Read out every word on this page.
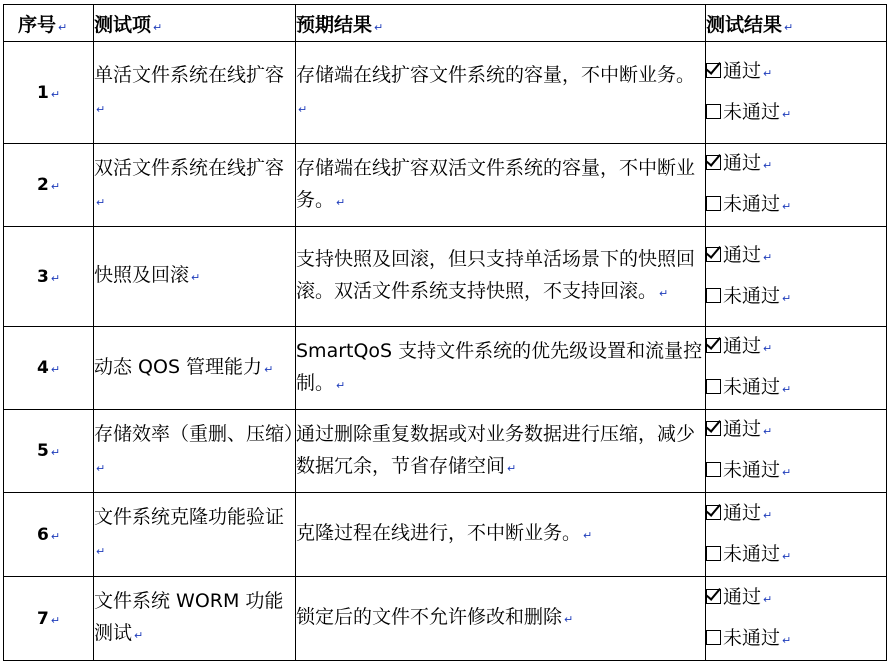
序号 ↵	测试项 ↵	预期结果 ↵	测试结果 ↵
1 ↵	单活文件系统在线扩容↵	存储端在线扩容文件系统的容量，不中断业务。↵	通过 ↵
未通过 ↵

2 ↵	双活文件系统在线扩容↵	存储端在线扩容双活文件系统的容量，不中断业务。 ↵	通过 ↵
未通过 ↵

3 ↵	快照及回滚 ↵	支持快照及回滚，但只支持单活场景下的快照回滚。双活文件系统支持快照，不支持回滚。 ↵	通过 ↵
未通过 ↵

4 ↵	动态 QOS 管理能力 ↵	SmartQoS 支持文件系统的优先级设置和流量控制。 ↵	通过 ↵
未通过 ↵

5 ↵	存储效率（重删、压缩）↵	通过删除重复数据或对业务数据进行压缩，减少数据冗余，节省存储空间 ↵	通过 ↵
未通过 ↵

6 ↵	文件系统克隆功能验证↵	克隆过程在线进行，不中断业务。 ↵	通过 ↵
未通过 ↵

7 ↵	文件系统 WORM 功能测试 ↵	锁定后的文件不允许修改和删除 ↵	通过 ↵
未通过 ↵
